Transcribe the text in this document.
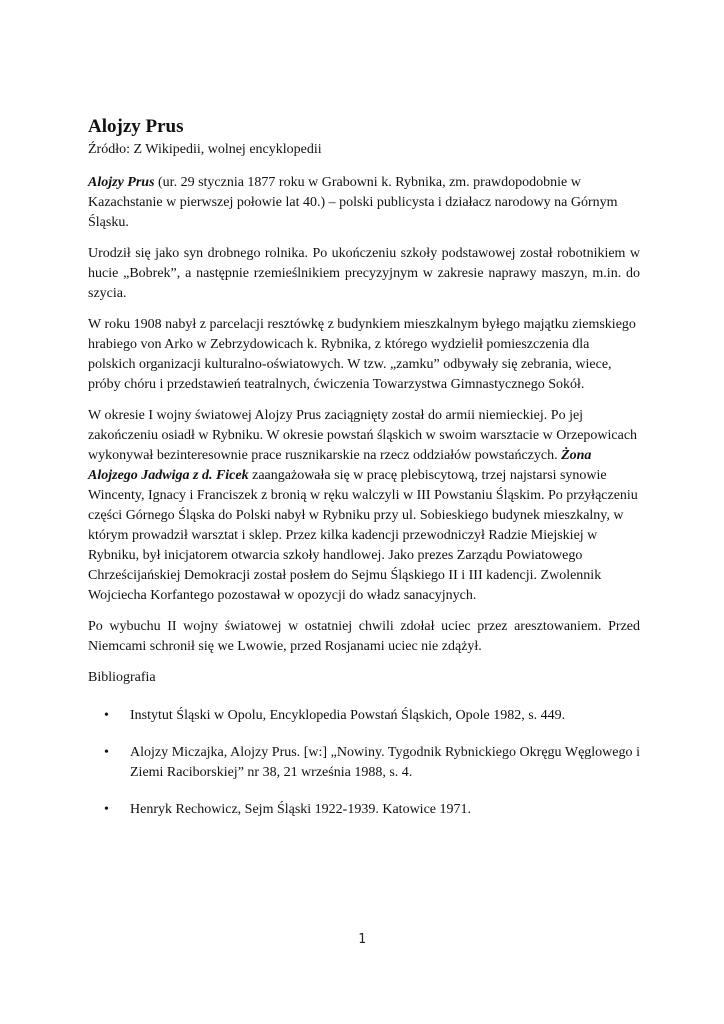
Alojzy Prus
Źródło: Z Wikipedii, wolnej encyklopedii

Alojzy Prus (ur. 29 stycznia 1877 roku w Grabowni k. Rybnika, zm. prawdopodobnie w Kazachstanie w pierwszej połowie lat 40.) – polski publicysta i działacz narodowy na Górnym Śląsku.

Urodził się jako syn drobnego rolnika. Po ukończeniu szkoły podstawowej został robotnikiem w hucie „Bobrek”, a następnie rzemieślnikiem precyzyjnym w zakresie naprawy maszyn, m.in. do szycia.

W roku 1908 nabył z parcelacji resztówkę z budynkiem mieszkalnym byłego majątku ziemskiego hrabiego von Arko w Zebrzydowicach k. Rybnika, z którego wydzielił pomieszczenia dla polskich organizacji kulturalno-oświatowych. W tzw. „zamku” odbywały się zebrania, wiece, próby chóru i przedstawień teatralnych, ćwiczenia Towarzystwa Gimnastycznego Sokół.

W okresie I wojny światowej Alojzy Prus zaciągnięty został do armii niemieckiej. Po jej zakończeniu osiadł w Rybniku. W okresie powstań śląskich w swoim warsztacie w Orzepowicach wykonywał bezinteresownie prace rusznikarskie na rzecz oddziałów powstańczych. Żona Alojzego Jadwiga z d. Ficek zaangażowała się w pracę plebiscytową, trzej najstarsi synowie Wincenty, Ignacy i Franciszek z bronią w ręku walczyli w III Powstaniu Śląskim. Po przyłączeniu części Górnego Śląska do Polski nabył w Rybniku przy ul. Sobieskiego budynek mieszkalny, w którym prowadził warsztat i sklep. Przez kilka kadencji przewodniczył Radzie Miejskiej w Rybniku, był inicjatorem otwarcia szkoły handlowej. Jako prezes Zarządu Powiatowego Chrześcijańskiej Demokracji został posłem do Sejmu Śląskiego II i III kadencji. Zwolennik Wojciecha Korfantego pozostawał w opozycji do władz sanacyjnych.

Po wybuchu II wojny światowej w ostatniej chwili zdołał uciec przez aresztowaniem. Przed Niemcami schronił się we Lwowie, przed Rosjanami uciec nie zdążył.

Bibliografia

• Instytut Śląski w Opolu, Encyklopedia Powstań Śląskich, Opole 1982, s. 449.
• Alojzy Miczajka, Alojzy Prus. [w:] „Nowiny. Tygodnik Rybnickiego Okręgu Węglowego i Ziemi Raciborskiej” nr 38, 21 września 1988, s. 4.
• Henryk Rechowicz, Sejm Śląski 1922-1939. Katowice 1971.
1
